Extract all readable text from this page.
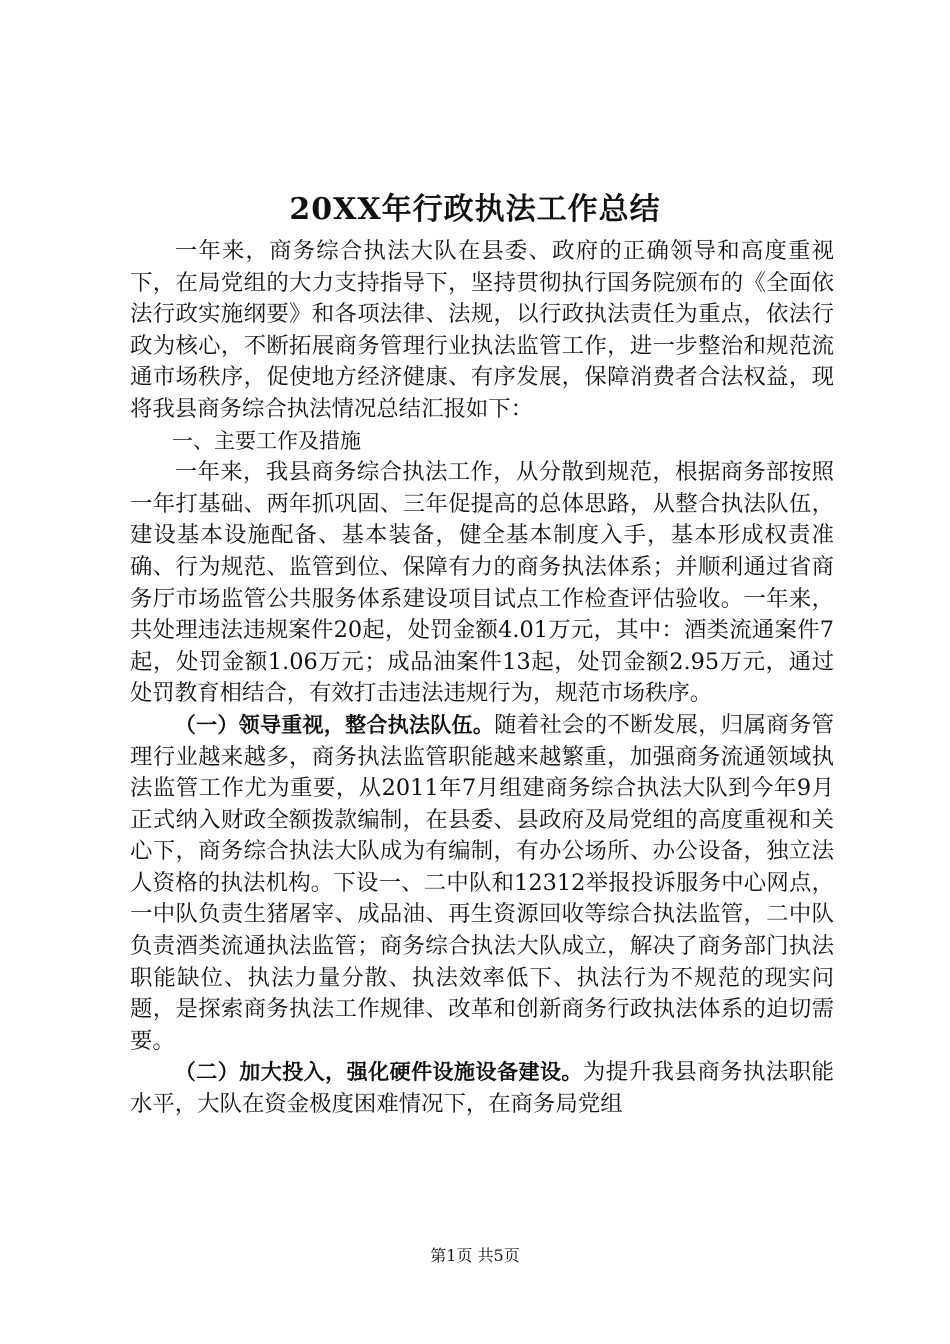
20XX年行政执法工作总结

一年来，商务综合执法大队在县委、政府的正确领导和高度重视下，在局党组的大力支持指导下，坚持贯彻执行国务院颁布的《全面依法行政实施纲要》和各项法律、法规，以行政执法责任为重点，依法行政为核心，不断拓展商务管理行业执法监管工作，进一步整治和规范流通市场秩序，促使地方经济健康、有序发展，保障消费者合法权益，现将我县商务综合执法情况总结汇报如下：

一、主要工作及措施

一年来，我县商务综合执法工作，从分散到规范，根据商务部按照一年打基础、两年抓巩固、三年促提高的总体思路，从整合执法队伍，建设基本设施配备、基本装备，健全基本制度入手，基本形成权责准确、行为规范、监管到位、保障有力的商务执法体系；并顺利通过省商务厅市场监管公共服务体系建设项目试点工作检查评估验收。一年来，共处理违法违规案件20起，处罚金额4.01万元，其中：酒类流通案件7起，处罚金额1.06万元；成品油案件13起，处罚金额2.95万元，通过处罚教育相结合，有效打击违法违规行为，规范市场秩序。

（一）领导重视，整合执法队伍。随着社会的不断发展，归属商务管理行业越来越多，商务执法监管职能越来越繁重，加强商务流通领域执法监管工作尤为重要，从2011年7月组建商务综合执法大队到今年9月正式纳入财政全额拨款编制，在县委、县政府及局党组的高度重视和关心下，商务综合执法大队成为有编制，有办公场所、办公设备，独立法人资格的执法机构。下设一、二中队和12312举报投诉服务中心网点，一中队负责生猪屠宰、成品油、再生资源回收等综合执法监管，二中队负责酒类流通执法监管；商务综合执法大队成立，解决了商务部门执法职能缺位、执法力量分散、执法效率低下、执法行为不规范的现实问题，是探索商务执法工作规律、改革和创新商务行政执法体系的迫切需要。

（二）加大投入，强化硬件设施设备建设。为提升我县商务执法职能水平，大队在资金极度困难情况下，在商务局党组

第1页 共5页
